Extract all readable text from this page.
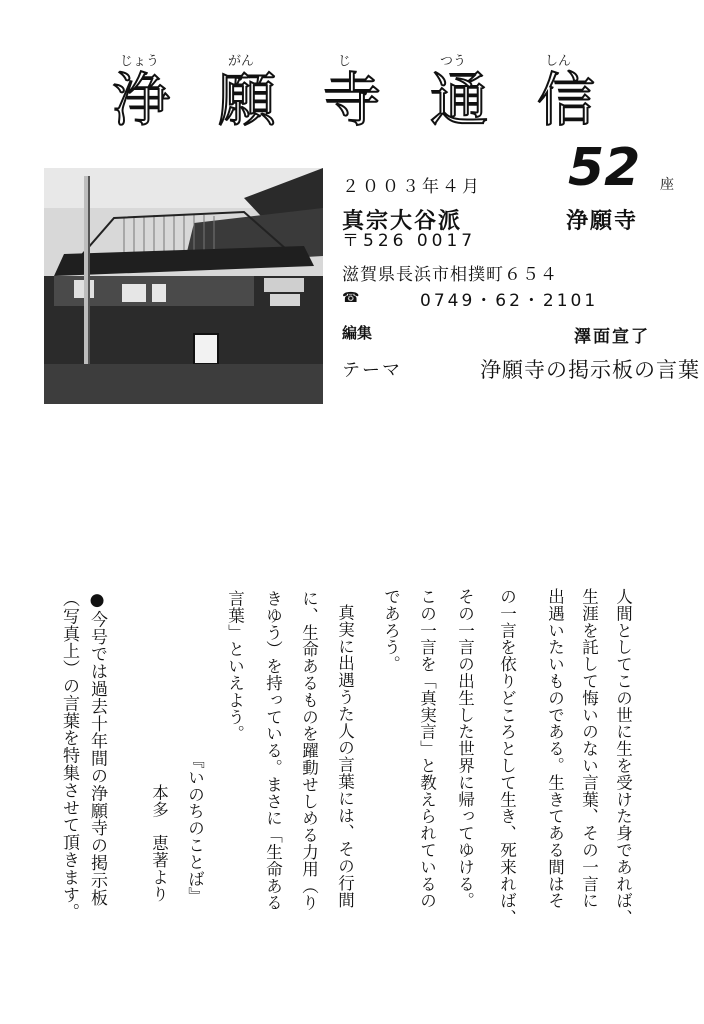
じょう	がん	じ	つう	しん
浄 願 寺 通 信
２００３年４月 52 座
真宗大谷派	浄願寺
〒526 0017
滋賀県長浜市相撲町６５４
☎	0749・62・2101
編集	澤面宣了
テーマ	浄願寺の掲示板の言葉
人間としてこの世に生を受けた身であれば、
生涯を託して悔いのない言葉、その一言に
出遇いたいものである。生きてある間はそ
の一言を依りどころとして生き、死来れば、
その一言の出生した世界に帰ってゆける。
この一言を「真実言」と教えられているの
であろう。
真実に出遇うた人の言葉には、その行間
に、生命あるものを躍動せしめる力用（り
きゆう）を持っている。まさに「生命ある
言葉」といえよう。
『いのちのことば』
本多　恵著より
●今号では過去十年間の浄願寺の掲示板
（写真上）の言葉を特集させて頂きます。
